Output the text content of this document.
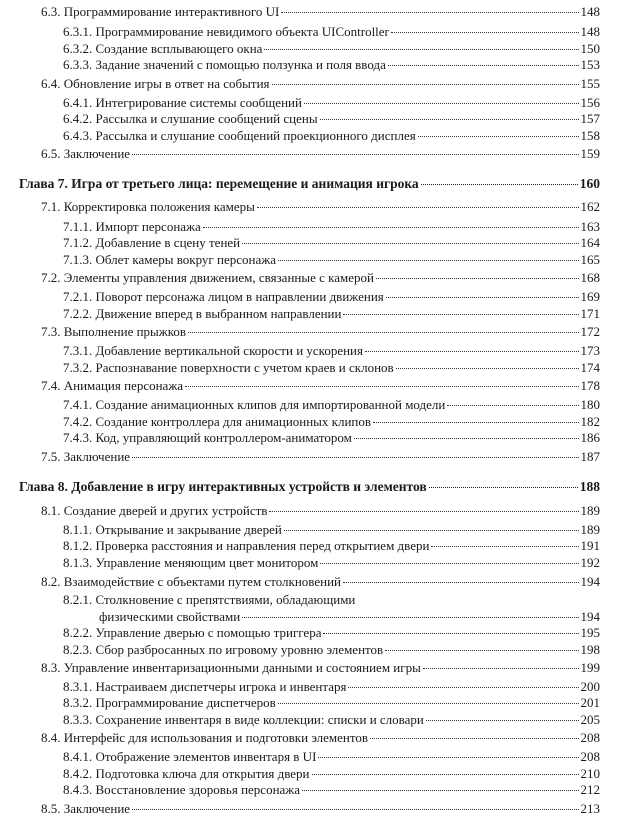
6.3. Программирование интерактивного UI	148
6.3.1. Программирование невидимого объекта UIController	148
6.3.2. Создание всплывающего окна	150
6.3.3. Задание значений с помощью ползунка и поля ввода	153
6.4. Обновление игры в ответ на события	155
6.4.1. Интегрирование системы сообщений	156
6.4.2. Рассылка и слушание сообщений сцены	157
6.4.3. Рассылка и слушание сообщений проекционного дисплея	158
6.5. Заключение	159
Глава 7. Игра от третьего лица: перемещение и анимация игрока	160
7.1. Корректировка положения камеры	162
7.1.1. Импорт персонажа	163
7.1.2. Добавление в сцену теней	164
7.1.3. Облет камеры вокруг персонажа	165
7.2. Элементы управления движением, связанные с камерой	168
7.2.1. Поворот персонажа лицом в направлении движения	169
7.2.2. Движение вперед в выбранном направлении	171
7.3. Выполнение прыжков	172
7.3.1. Добавление вертикальной скорости и ускорения	173
7.3.2. Распознавание поверхности с учетом краев и склонов	174
7.4. Анимация персонажа	178
7.4.1. Создание анимационных клипов для импортированной модели	180
7.4.2. Создание контроллера для анимационных клипов	182
7.4.3. Код, управляющий контроллером-аниматором	186
7.5. Заключение	187
Глава 8. Добавление в игру интерактивных устройств и элементов	188
8.1. Создание дверей и других устройств	189
8.1.1. Открывание и закрывание дверей	189
8.1.2. Проверка расстояния и направления перед открытием двери	191
8.1.3. Управление меняющим цвет монитором	192
8.2. Взаимодействие с объектами путем столкновений	194
8.2.1. Столкновение с препятствиями, обладающими
физическими свойствами	194
8.2.2. Управление дверью с помощью триггера	195
8.2.3. Сбор разбросанных по игровому уровню элементов	198
8.3. Управление инвентаризационными данными и состоянием игры	199
8.3.1. Настраиваем диспетчеры игрока и инвентаря	200
8.3.2. Программирование диспетчеров	201
8.3.3. Сохранение инвентаря в виде коллекции: списки и словари	205
8.4. Интерфейс для использования и подготовки элементов	208
8.4.1. Отображение элементов инвентаря в UI	208
8.4.2. Подготовка ключа для открытия двери	210
8.4.3. Восстановление здоровья персонажа	212
8.5. Заключение	213
